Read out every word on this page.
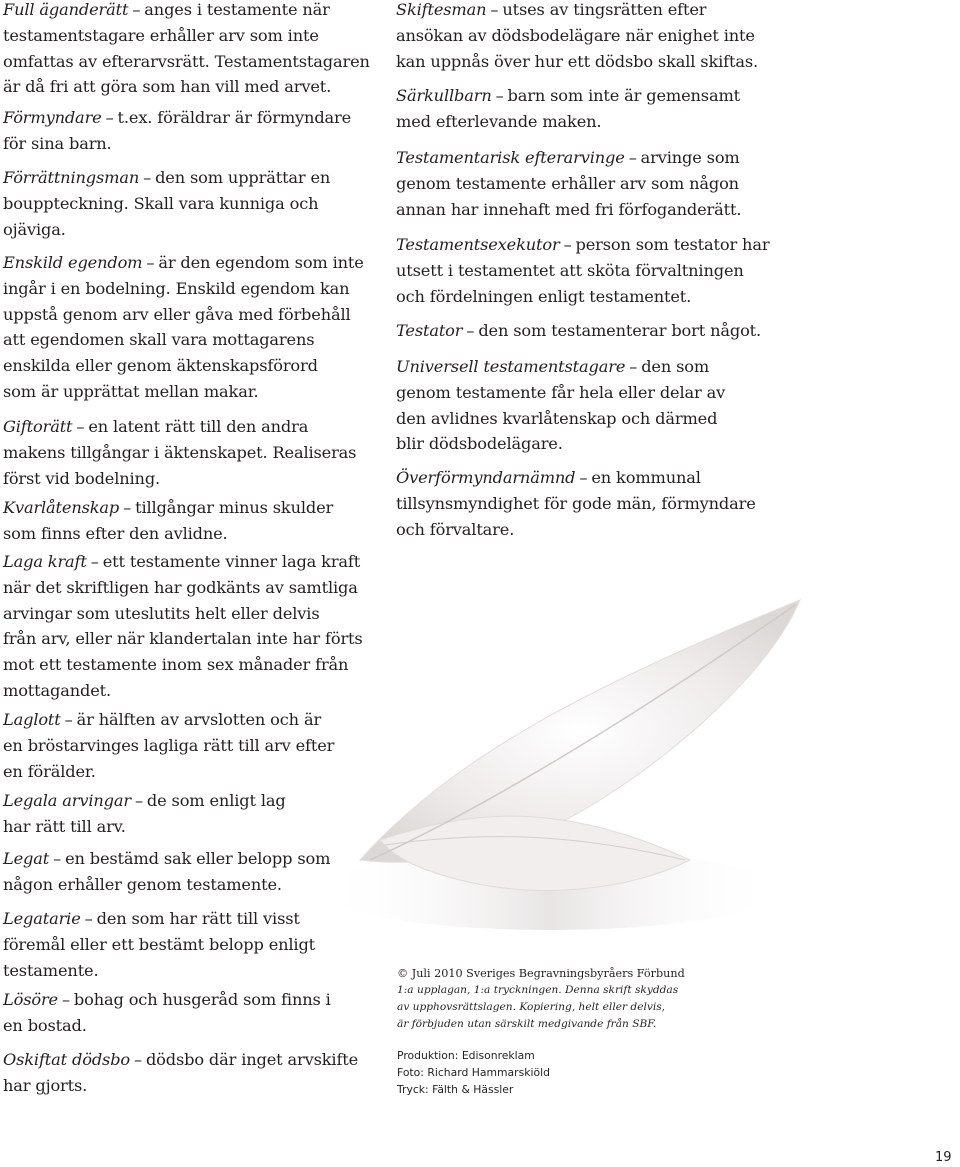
Full äganderätt – anges i testamente när
testamentstagare erhåller arv som inte
omfattas av efterarvsrätt. Testamentstagaren
är då fri att göra som han vill med arvet.
Förmyndare – t.ex. föräldrar är förmyndare
för sina barn.
Förrättningsman – den som upprättar en
bouppteckning. Skall vara kunniga och
ojäviga.
Enskild egendom – är den egendom som inte
ingår i en bodelning. Enskild egendom kan
uppstå genom arv eller gåva med förbehåll
att egendomen skall vara mottagarens
enskilda eller genom äktenskapsförord
som är upprättat mellan makar.
Giftorätt – en latent rätt till den andra
makens tillgångar i äktenskapet. Realiseras
först vid bodelning.
Kvarlåtenskap – tillgångar minus skulder
som finns efter den avlidne.
Laga kraft – ett testamente vinner laga kraft
när det skriftligen har godkänts av samtliga
arvingar som uteslutits helt eller delvis
från arv, eller när klandertalan inte har förts
mot ett testamente inom sex månader från
mottagandet.
Laglott – är hälften av arvslotten och är
en bröstarvinges lagliga rätt till arv efter
en förälder.
Legala arvingar – de som enligt lag
har rätt till arv.
Legat – en bestämd sak eller belopp som
någon erhåller genom testamente.
Legatarie – den som har rätt till visst
föremål eller ett bestämt belopp enligt
testamente.
Lösöre – bohag och husgeråd som finns i
en bostad.
Oskiftat dödsbo – dödsbo där inget arvskifte
har gjorts.
Skiftesman – utses av tingsrätten efter
ansökan av dödsbodelägare när enighet inte
kan uppnås över hur ett dödsbo skall skiftas.
Särkullbarn – barn som inte är gemensamt
med efterlevande maken.
Testamentarisk efterarvinge – arvinge som
genom testamente erhåller arv som någon
annan har innehaft med fri förfoganderätt.
Testamentsexekutor – person som testator har
utsett i testamentet att sköta förvaltningen
och fördelningen enligt testamentet.
Testator – den som testamenterar bort något.
Universell testamentstagare – den som
genom testamente får hela eller delar av
den avlidnes kvarlåtenskap och därmed
blir dödsbodelägare.
Överförmyndarnämnd – en kommunal
tillsynsmyndighet för gode män, förmyndare
och förvaltare.
© Juli 2010 Sveriges Begravningsbyråers Förbund
1:a upplagan, 1:a tryckningen. Denna skrift skyddas
av upphovsrättslagen. Kopiering, helt eller delvis,
är förbjuden utan särskilt medgivande från SBF.
Produktion: Edisonreklam
Foto: Richard Hammarskiöld
Tryck: Fälth & Hässler
19
